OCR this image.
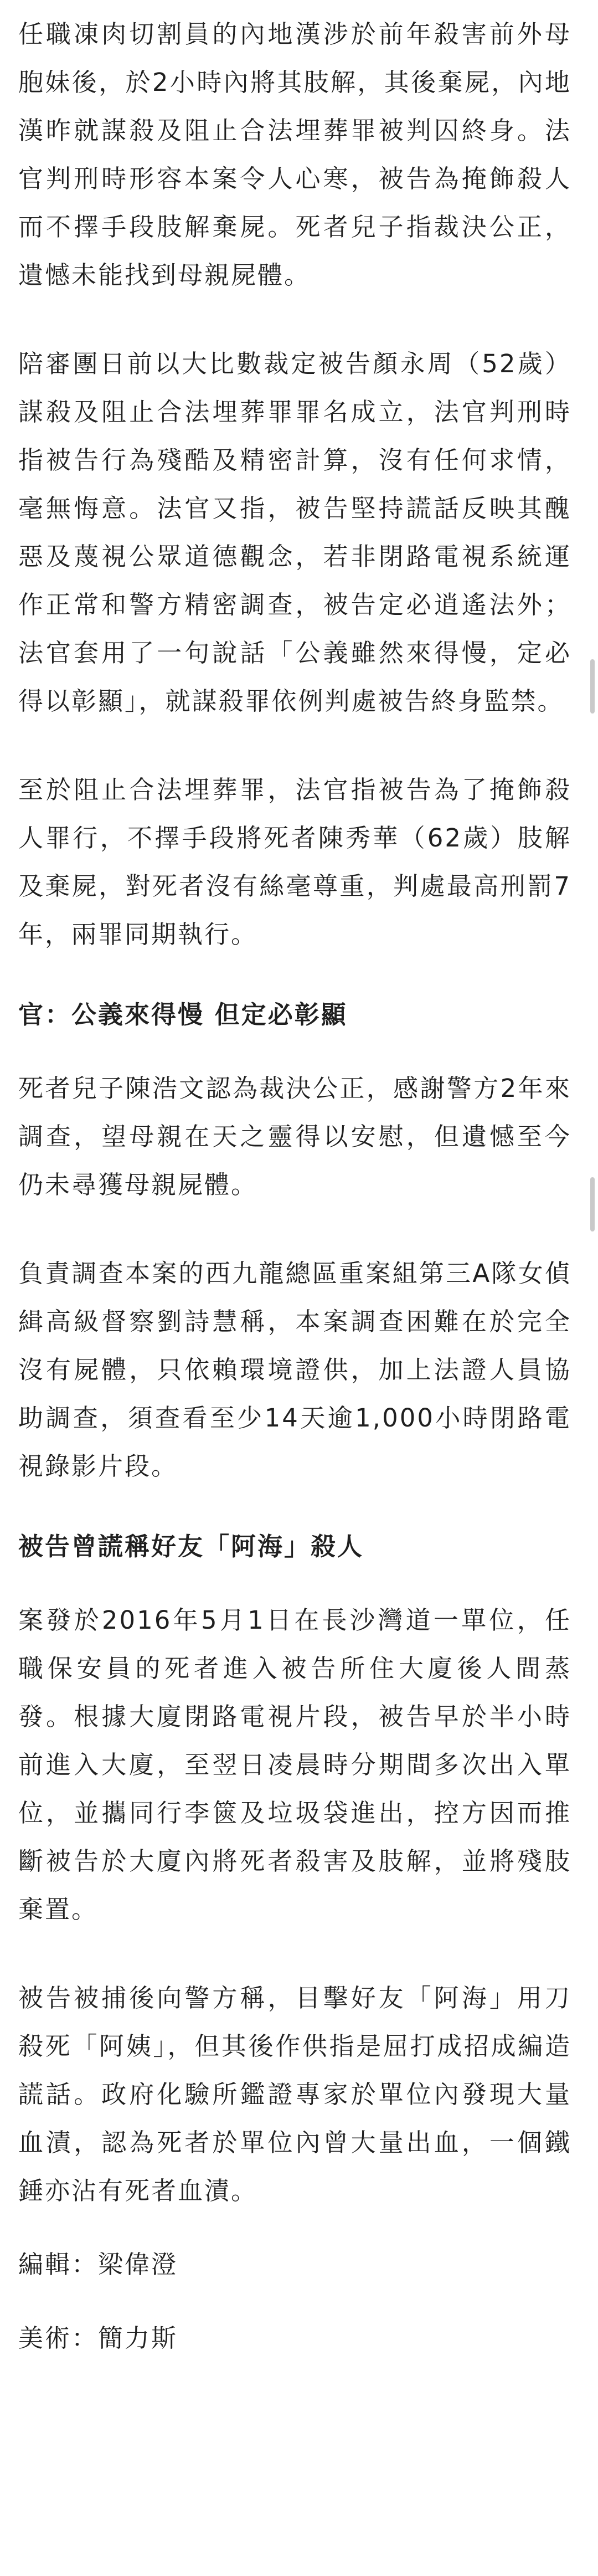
任職凍肉切割員的內地漢涉於前年殺害前外母胞妹後，於2小時內將其肢解，其後棄屍，內地漢昨就謀殺及阻止合法埋葬罪被判囚終身。法官判刑時形容本案令人心寒，被告為掩飾殺人而不擇手段肢解棄屍。死者兒子指裁決公正，遺憾未能找到母親屍體。

陪審團日前以大比數裁定被告顏永周（52歲）謀殺及阻止合法埋葬罪罪名成立，法官判刑時指被告行為殘酷及精密計算，沒有任何求情，毫無悔意。法官又指，被告堅持謊話反映其醜惡及蔑視公眾道德觀念，若非閉路電視系統運作正常和警方精密調查，被告定必逍遙法外；法官套用了一句說話「公義雖然來得慢，定必得以彰顯」，就謀殺罪依例判處被告終身監禁。

至於阻止合法埋葬罪，法官指被告為了掩飾殺人罪行，不擇手段將死者陳秀華（62歲）肢解及棄屍，對死者沒有絲毫尊重，判處最高刑罰7年，兩罪同期執行。

官：公義來得慢 但定必彰顯

死者兒子陳浩文認為裁決公正，感謝警方2年來調查，望母親在天之靈得以安慰，但遺憾至今仍未尋獲母親屍體。

負責調查本案的西九龍總區重案組第三A隊女偵緝高級督察劉詩慧稱，本案調查困難在於完全沒有屍體，只依賴環境證供，加上法證人員協助調查，須查看至少14天逾1,000小時閉路電視錄影片段。

被告曾謊稱好友「阿海」殺人

案發於2016年5月1日在長沙灣道一單位，任職保安員的死者進入被告所住大廈後人間蒸發。根據大廈閉路電視片段，被告早於半小時前進入大廈，至翌日凌晨時分期間多次出入單位，並攜同行李篋及垃圾袋進出，控方因而推斷被告於大廈內將死者殺害及肢解，並將殘肢棄置。

被告被捕後向警方稱，目擊好友「阿海」用刀殺死「阿姨」，但其後作供指是屈打成招成編造謊話。政府化驗所鑑證專家於單位內發現大量血漬，認為死者於單位內曾大量出血，一個鐵錘亦沾有死者血漬。

編輯：梁偉澄

美術：簡力斯
